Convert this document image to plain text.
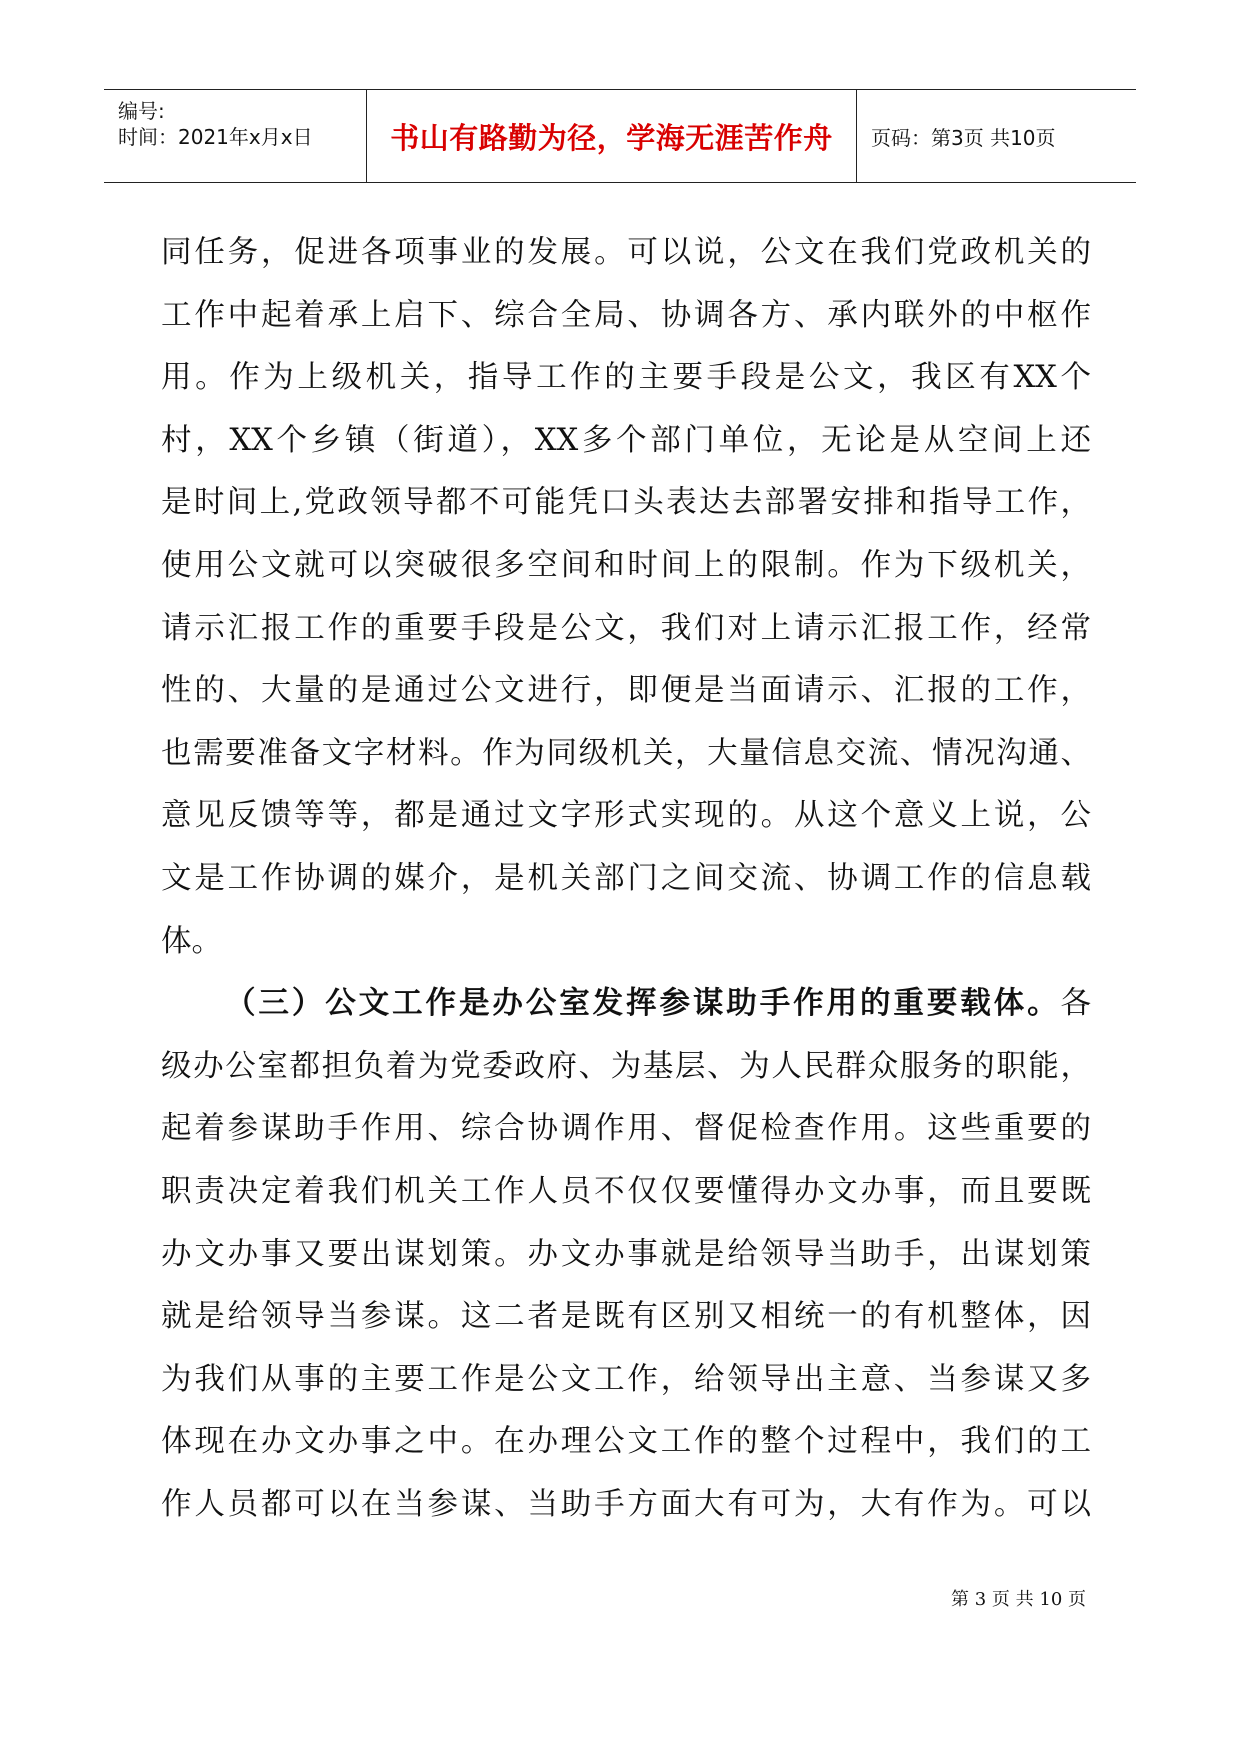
编号:
时间：2021年x月x日	书山有路勤为径，学海无涯苦作舟 页码：第3页 共10页
同任务，促进各项事业的发展。可以说，公文在我们党政机关的
工作中起着承上启下、综合全局、协调各方、承内联外的中枢作
用。作为上级机关，指导工作的主要手段是公文，我区有XX个
村，XX个乡镇（街道），XX多个部门单位，无论是从空间上还
是时间上,党政领导都不可能凭口头表达去部署安排和指导工作，
使用公文就可以突破很多空间和时间上的限制。作为下级机关，
请示汇报工作的重要手段是公文，我们对上请示汇报工作，经常
性的、大量的是通过公文进行，即便是当面请示、汇报的工作，
也需要准备文字材料。作为同级机关，大量信息交流、情况沟通、
意见反馈等等，都是通过文字形式实现的。从这个意义上说，公
文是工作协调的媒介，是机关部门之间交流、协调工作的信息载
体。
（三）公文工作是办公室发挥参谋助手作用的重要载体。各
级办公室都担负着为党委政府、为基层、为人民群众服务的职能，
起着参谋助手作用、综合协调作用、督促检查作用。这些重要的
职责决定着我们机关工作人员不仅仅要懂得办文办事，而且要既
办文办事又要出谋划策。办文办事就是给领导当助手，出谋划策
就是给领导当参谋。这二者是既有区别又相统一的有机整体，因
为我们从事的主要工作是公文工作，给领导出主意、当参谋又多
体现在办文办事之中。在办理公文工作的整个过程中，我们的工
作人员都可以在当参谋、当助手方面大有可为，大有作为。可以
第 3 页 共 10 页
